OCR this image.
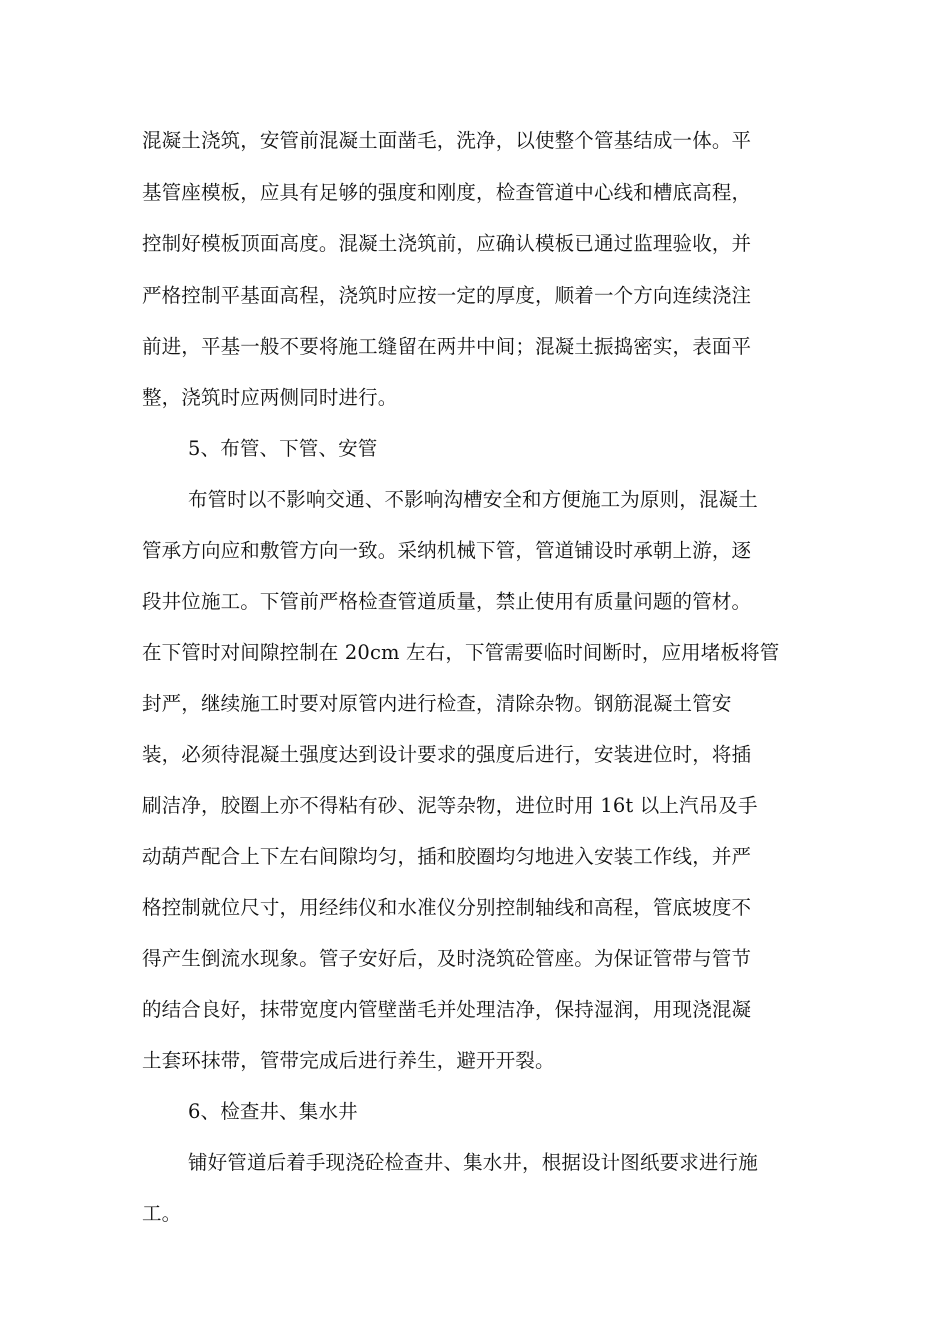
混凝土浇筑，安管前混凝土面凿毛，洗净，以使整个管基结成一体。平
基管座模板，应具有足够的强度和刚度，检查管道中心线和槽底高程，
控制好模板顶面高度。混凝土浇筑前，应确认模板已通过监理验收，并
严格控制平基面高程，浇筑时应按一定的厚度，顺着一个方向连续浇注
前进，平基一般不要将施工缝留在两井中间；混凝土振捣密实，表面平
整，浇筑时应两侧同时进行。
5、布管、下管、安管
布管时以不影响交通、不影响沟槽安全和方便施工为原则，混凝土
管承方向应和敷管方向一致。采纳机械下管，管道铺设时承朝上游，逐
段井位施工。下管前严格检查管道质量，禁止使用有质量问题的管材。
在下管时对间隙控制在 20cm 左右，下管需要临时间断时，应用堵板将管
封严，继续施工时要对原管内进行检查，清除杂物。钢筋混凝土管安
装，必须待混凝土强度达到设计要求的强度后进行，安装进位时，将插
刷洁净，胶圈上亦不得粘有砂、泥等杂物，进位时用 16t 以上汽吊及手
动葫芦配合上下左右间隙均匀，插和胶圈均匀地进入安装工作线，并严
格控制就位尺寸，用经纬仪和水准仪分别控制轴线和高程，管底坡度不
得产生倒流水现象。管子安好后，及时浇筑砼管座。为保证管带与管节
的结合良好，抹带宽度内管壁凿毛并处理洁净，保持湿润，用现浇混凝
土套环抹带，管带完成后进行养生，避开开裂。
6、检查井、集水井
铺好管道后着手现浇砼检查井、集水井，根据设计图纸要求进行施
工。
